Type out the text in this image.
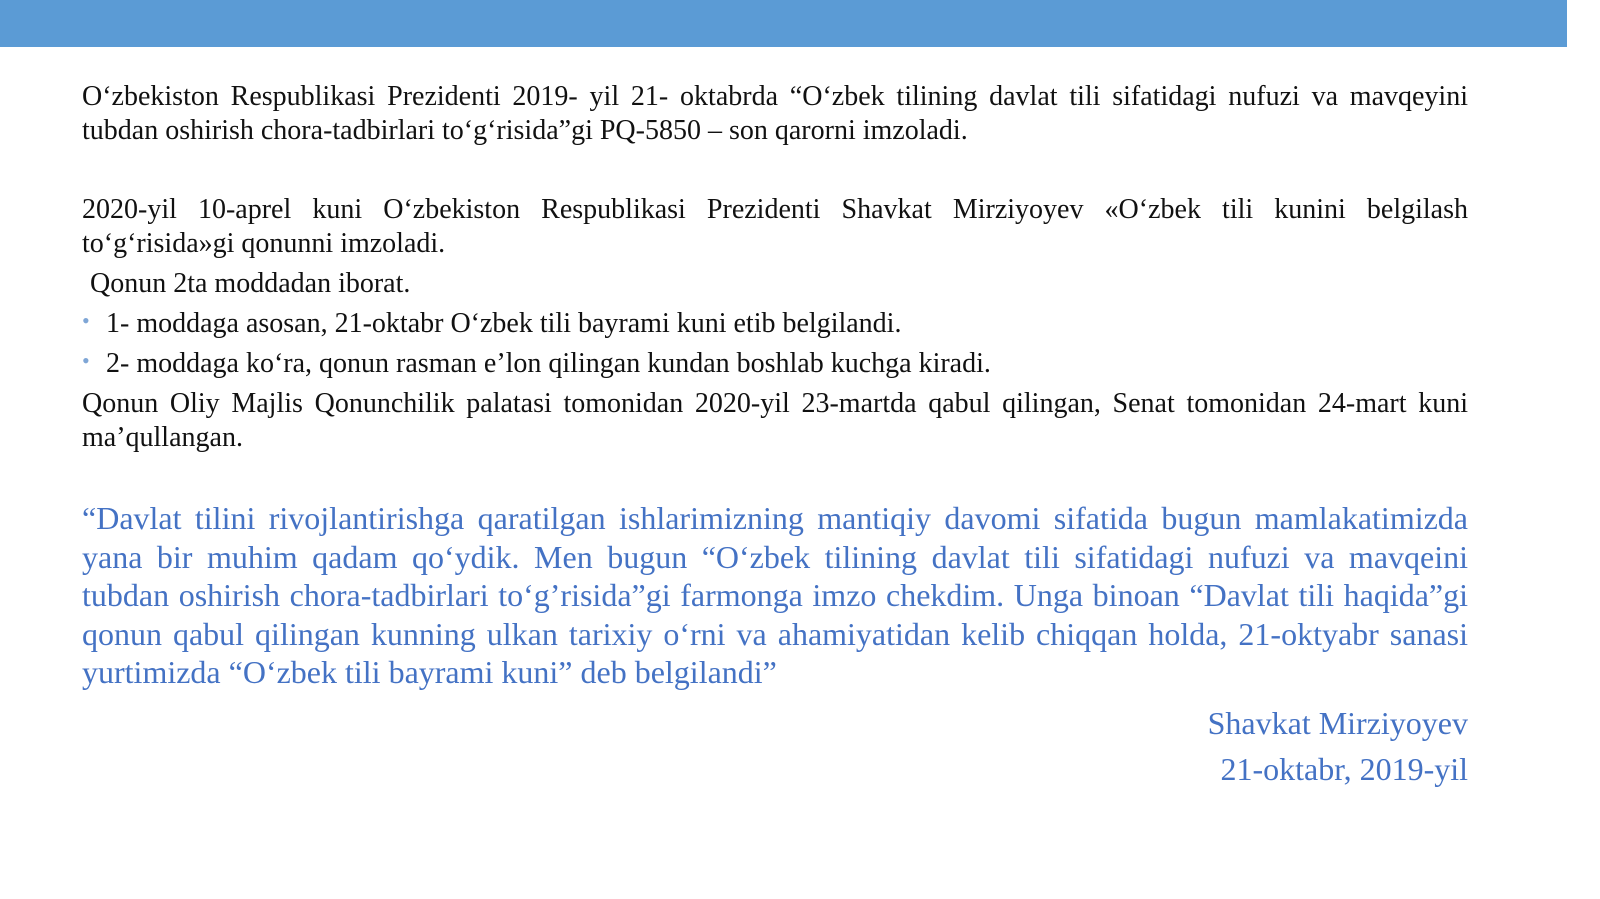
O‘zbekiston Respublikasi Prezidenti 2019- yil 21- oktabrda “O‘zbek tilining davlat tili sifatidagi nufuzi va mavqeyini tubdan oshirish chora-tadbirlari to‘g‘risida”gi PQ-5850 – son qarorni imzoladi.

2020-yil 10-aprel kuni O‘zbekiston Respublikasi Prezidenti Shavkat Mirziyoyev «O‘zbek tili kunini belgilash to‘g‘risida»gi qonunni imzoladi.

Qonun 2ta moddadan iborat.

• 1- moddaga asosan, 21-oktabr O‘zbek tili bayrami kuni etib belgilandi.
• 2- moddaga ko‘ra, qonun rasman e’lon qilingan kundan boshlab kuchga kiradi.

Qonun Oliy Majlis Qonunchilik palatasi tomonidan 2020-yil 23-martda qabul qilingan, Senat tomonidan 24-mart kuni ma’qullangan.

“Davlat tilini rivojlantirishga qaratilgan ishlarimizning mantiqiy davomi sifatida bugun mamlakatimizda yana bir muhim qadam qo‘ydik. Men bugun “O‘zbek tilining davlat tili sifatidagi nufuzi va mavqeini tubdan oshirish chora-tadbirlari to‘g’risida”gi farmonga imzo chekdim. Unga binoan “Davlat tili haqida”gi qonun qabul qilingan kunning ulkan tarixiy o‘rni va ahamiyatidan kelib chiqqan holda, 21-oktyabr sanasi yurtimizda “O‘zbek tili bayrami kuni” deb belgilandi”

Shavkat Mirziyoyev
21-oktabr, 2019-yil
